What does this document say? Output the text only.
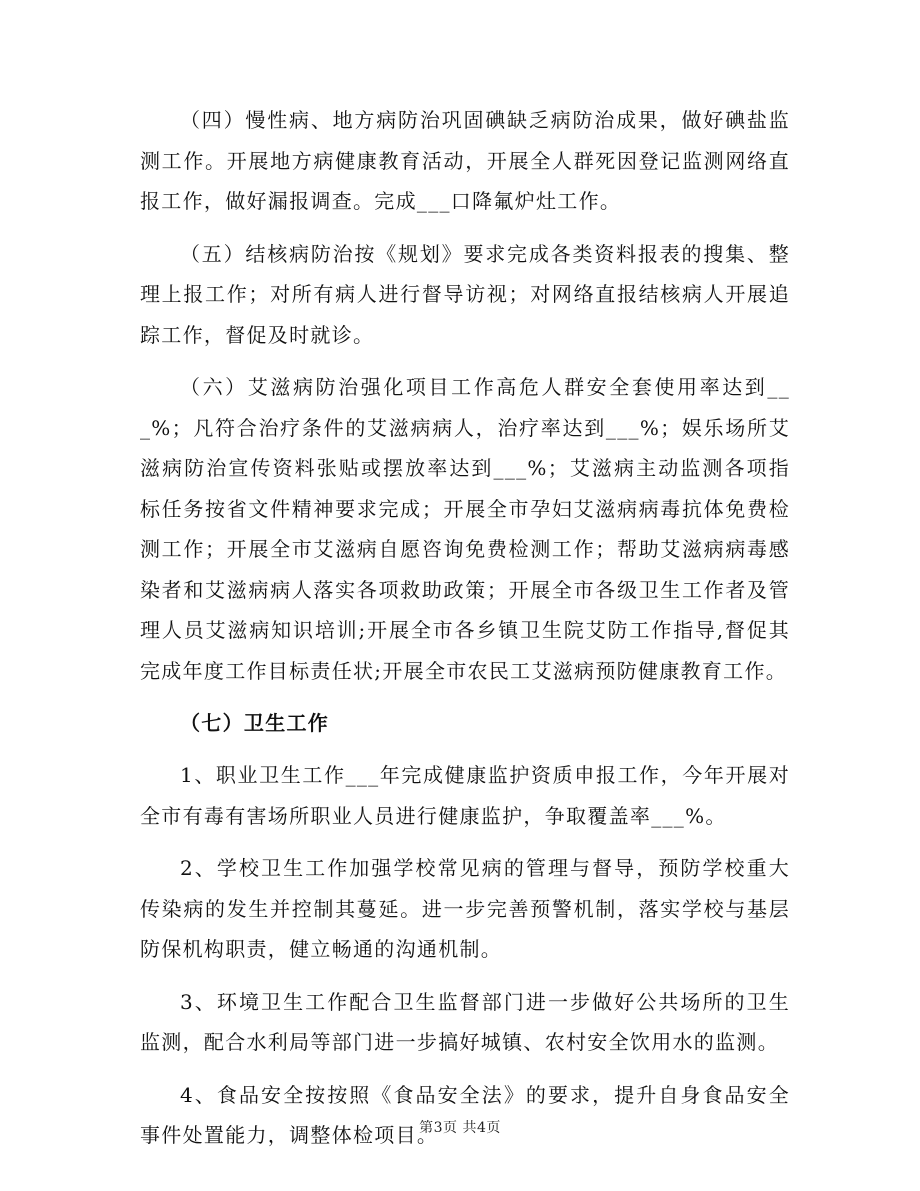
（四）慢性病、地方病防治巩固碘缺乏病防治成果，做好碘盐监测工作。开展地方病健康教育活动，开展全人群死因登记监测网络直报工作，做好漏报调查。完成___口降氟炉灶工作。

（五）结核病防治按《规划》要求完成各类资料报表的搜集、整理上报工作；对所有病人进行督导访视；对网络直报结核病人开展追踪工作，督促及时就诊。

（六）艾滋病防治强化项目工作高危人群安全套使用率达到___%；凡符合治疗条件的艾滋病病人，治疗率达到___%；娱乐场所艾滋病防治宣传资料张贴或摆放率达到___%；艾滋病主动监测各项指标任务按省文件精神要求完成；开展全市孕妇艾滋病病毒抗体免费检测工作；开展全市艾滋病自愿咨询免费检测工作；帮助艾滋病病毒感染者和艾滋病病人落实各项救助政策；开展全市各级卫生工作者及管理人员艾滋病知识培训;开展全市各乡镇卫生院艾防工作指导,督促其完成年度工作目标责任状;开展全市农民工艾滋病预防健康教育工作。

（七）卫生工作

1、职业卫生工作___年完成健康监护资质申报工作，今年开展对全市有毒有害场所职业人员进行健康监护，争取覆盖率___%。

2、学校卫生工作加强学校常见病的管理与督导，预防学校重大传染病的发生并控制其蔓延。进一步完善预警机制，落实学校与基层防保机构职责，健立畅通的沟通机制。

3、环境卫生工作配合卫生监督部门进一步做好公共场所的卫生监测，配合水利局等部门进一步搞好城镇、农村安全饮用水的监测。

4、食品安全按按照《食品安全法》的要求，提升自身食品安全事件处置能力，调整体检项目。

第3页 共4页
